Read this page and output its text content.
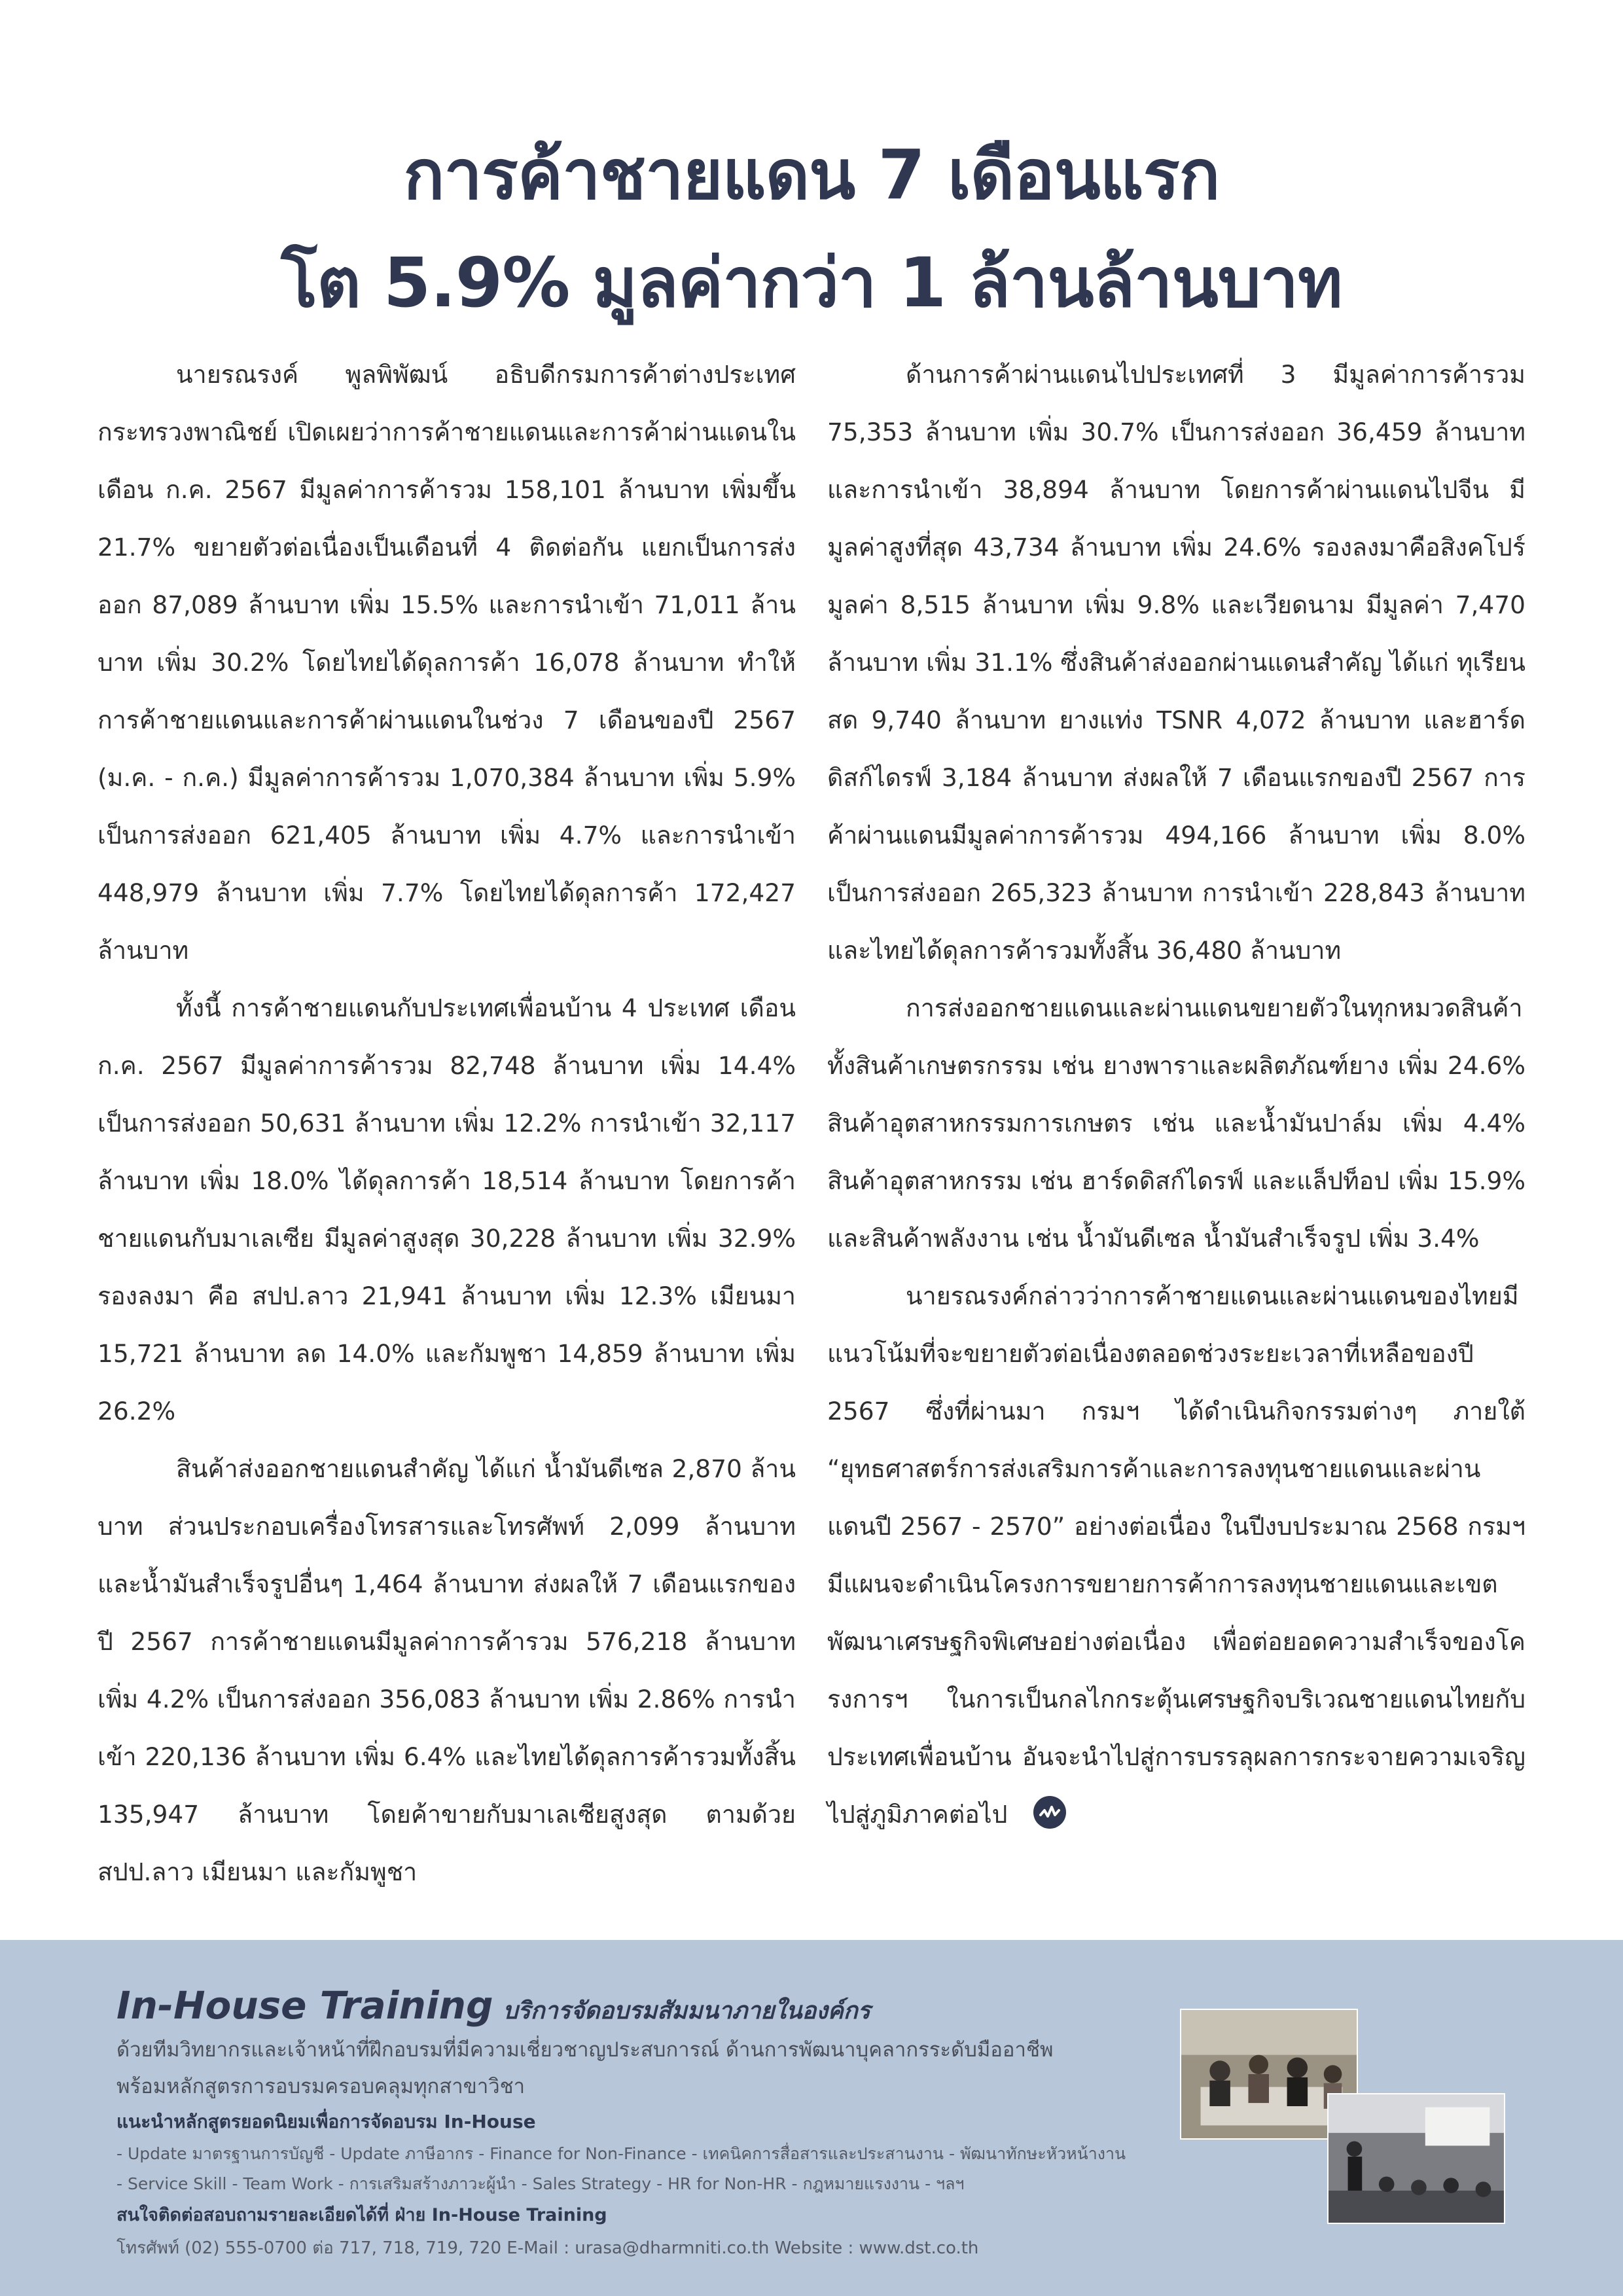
การค้าชายแดน 7 เดือนแรก
โต 5.9% มูลค่ากว่า 1 ล้านล้านบาท

นายรณรงค์ พูลพิพัฒน์ อธิบดีกรมการค้าต่างประเทศ กระทรวงพาณิชย์ เปิดเผยว่าการค้าชายแดนและการค้าผ่านแดนในเดือน ก.ค. 2567 มีมูลค่าการค้ารวม 158,101 ล้านบาท เพิ่มขึ้น 21.7% ขยายตัวต่อเนื่องเป็นเดือนที่ 4 ติดต่อกัน แยกเป็นการส่งออก 87,089 ล้านบาท เพิ่ม 15.5% และการนำเข้า 71,011 ล้านบาท เพิ่ม 30.2% โดยไทยได้ดุลการค้า 16,078 ล้านบาท ทำให้การค้าชายแดนและการค้าผ่านแดนในช่วง 7 เดือนของปี 2567 (ม.ค. - ก.ค.) มีมูลค่าการค้ารวม 1,070,384 ล้านบาท เพิ่ม 5.9% เป็นการส่งออก 621,405 ล้านบาท เพิ่ม 4.7% และการนำเข้า 448,979 ล้านบาท เพิ่ม 7.7% โดยไทยได้ดุลการค้า 172,427 ล้านบาท

ทั้งนี้ การค้าชายแดนกับประเทศเพื่อนบ้าน 4 ประเทศ เดือน ก.ค. 2567 มีมูลค่าการค้ารวม 82,748 ล้านบาท เพิ่ม 14.4% เป็นการส่งออก 50,631 ล้านบาท เพิ่ม 12.2% การนำเข้า 32,117 ล้านบาท เพิ่ม 18.0% ได้ดุลการค้า 18,514 ล้านบาท โดยการค้าชายแดนกับมาเลเซีย มีมูลค่าสูงสุด 30,228 ล้านบาท เพิ่ม 32.9% รองลงมา คือ สปป.ลาว 21,941 ล้านบาท เพิ่ม 12.3% เมียนมา 15,721 ล้านบาท ลด 14.0% และกัมพูชา 14,859 ล้านบาท เพิ่ม 26.2%

สินค้าส่งออกชายแดนสำคัญ ได้แก่ น้ำมันดีเซล 2,870 ล้านบาท ส่วนประกอบเครื่องโทรสารและโทรศัพท์ 2,099 ล้านบาท และน้ำมันสำเร็จรูปอื่นๆ 1,464 ล้านบาท ส่งผลให้ 7 เดือนแรกของปี 2567 การค้าชายแดนมีมูลค่าการค้ารวม 576,218 ล้านบาท เพิ่ม 4.2% เป็นการส่งออก 356,083 ล้านบาท เพิ่ม 2.86% การนำเข้า 220,136 ล้านบาท เพิ่ม 6.4% และไทยได้ดุลการค้ารวมทั้งสิ้น 135,947 ล้านบาท โดยค้าขายกับมาเลเซียสูงสุด ตามด้วย สปป.ลาว เมียนมา และกัมพูชา

ด้านการค้าผ่านแดนไปประเทศที่ 3 มีมูลค่าการค้ารวม 75,353 ล้านบาท เพิ่ม 30.7% เป็นการส่งออก 36,459 ล้านบาท และการนำเข้า 38,894 ล้านบาท โดยการค้าผ่านแดนไปจีน มีมูลค่าสูงที่สุด 43,734 ล้านบาท เพิ่ม 24.6% รองลงมาคือสิงคโปร์มูลค่า 8,515 ล้านบาท เพิ่ม 9.8% และเวียดนาม มีมูลค่า 7,470 ล้านบาท เพิ่ม 31.1% ซึ่งสินค้าส่งออกผ่านแดนสำคัญ ได้แก่ ทุเรียนสด 9,740 ล้านบาท ยางแท่ง TSNR 4,072 ล้านบาท และฮาร์ดดิสก์ไดรฟ์ 3,184 ล้านบาท ส่งผลให้ 7 เดือนแรกของปี 2567 การค้าผ่านแดนมีมูลค่าการค้ารวม 494,166 ล้านบาท เพิ่ม 8.0% เป็นการส่งออก 265,323 ล้านบาท การนำเข้า 228,843 ล้านบาท และไทยได้ดุลการค้ารวมทั้งสิ้น 36,480 ล้านบาท

การส่งออกชายแดนและผ่านแดนขยายตัวในทุกหมวดสินค้า ทั้งสินค้าเกษตรกรรม เช่น ยางพาราและผลิตภัณฑ์ยาง เพิ่ม 24.6% สินค้าอุตสาหกรรมการเกษตร เช่น และน้ำมันปาล์ม เพิ่ม 4.4% สินค้าอุตสาหกรรม เช่น ฮาร์ดดิสก์ไดรฟ์ และแล็ปท็อป เพิ่ม 15.9% และสินค้าพลังงาน เช่น น้ำมันดีเซล น้ำมันสำเร็จรูป เพิ่ม 3.4%

นายรณรงค์กล่าวว่าการค้าชายแดนและผ่านแดนของไทยมีแนวโน้มที่จะขยายตัวต่อเนื่องตลอดช่วงระยะเวลาที่เหลือของปี 2567 ซึ่งที่ผ่านมา กรมฯ ได้ดำเนินกิจกรรมต่างๆ ภายใต้ “ยุทธศาสตร์การส่งเสริมการค้าและการลงทุนชายแดนและผ่านแดนปี 2567 - 2570” อย่างต่อเนื่อง ในปีงบประมาณ 2568 กรมฯ มีแผนจะดำเนินโครงการขยายการค้าการลงทุนชายแดนและเขตพัฒนาเศรษฐกิจพิเศษอย่างต่อเนื่อง เพื่อต่อยอดความสำเร็จของโครงการฯ ในการเป็นกลไกกระตุ้นเศรษฐกิจบริเวณชายแดนไทยกับประเทศเพื่อนบ้าน อันจะนำไปสู่การบรรลุผลการกระจายความเจริญไปสู่ภูมิภาคต่อไป

In-House Training บริการจัดอบรมสัมมนาภายในองค์กร
ด้วยทีมวิทยากรและเจ้าหน้าที่ฝึกอบรมที่มีความเชี่ยวชาญประสบการณ์ ด้านการพัฒนาบุคลากรระดับมืออาชีพ
พร้อมหลักสูตรการอบรมครอบคลุมทุกสาขาวิชา
แนะนำหลักสูตรยอดนิยมเพื่อการจัดอบรม In-House
- Update มาตรฐานการบัญชี - Update ภาษีอากร - Finance for Non-Finance - เทคนิคการสื่อสารและประสานงาน - พัฒนาทักษะหัวหน้างาน
- Service Skill - Team Work - การเสริมสร้างภาวะผู้นำ - Sales Strategy - HR for Non-HR - กฎหมายแรงงาน - ฯลฯ
สนใจติดต่อสอบถามรายละเอียดได้ที่ ฝ่าย In-House Training
โทรศัพท์ (02) 555-0700 ต่อ 717, 718, 719, 720 E-Mail : urasa@dharmniti.co.th Website : www.dst.co.th
